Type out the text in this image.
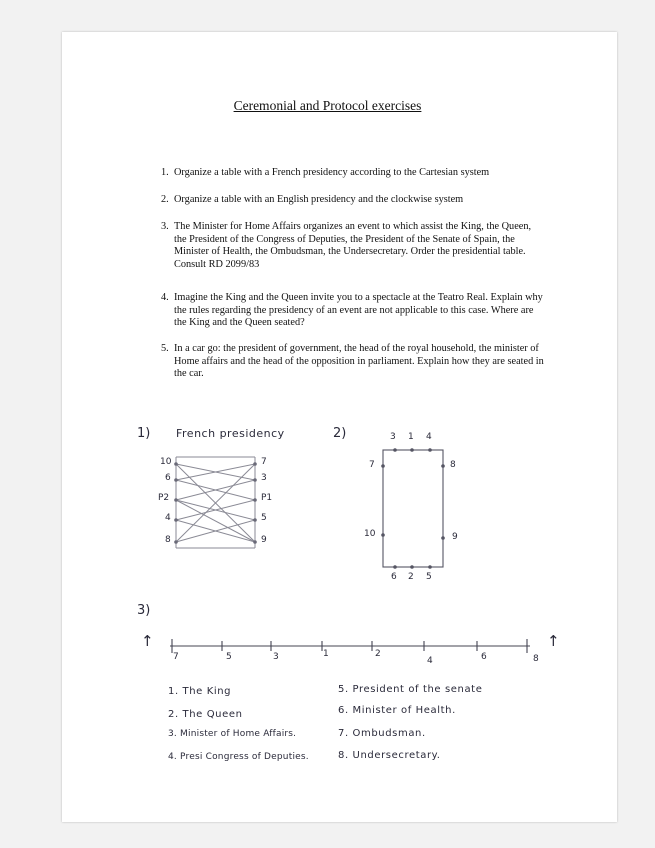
Ceremonial and Protocol exercises
1. Organize a table with a French presidency according to the Cartesian system
2. Organize a table with an English presidency and the clockwise system
3. The Minister for Home Affairs organizes an event to which assist the King, the Queen, the President of the Congress of Deputies, the President of the Senate of Spain, the Minister of Health, the Ombudsman, the Undersecretary. Order the presidential table. Consult RD 2099/83
4. Imagine the King and the Queen invite you to a spectacle at the Teatro Real. Explain why the rules regarding the presidency of an event are not applicable to this case. Where are the King and the Queen seated?
5. In a car go: the president of government, the head of the royal household, the minister of Home affairs and the head of the opposition in parliament. Explain how they are seated in the car.
1) French presidency
10
6
P2
4
8
7
3
P1
5
9
2)	3 1 4
7
10
8
9
6 2 5
3)
↑	↑
7	5	3	1	2
4	6	8
1. The King
2. The Queen
3. Minister of Home Affairs.
4. Presi Congress of Deputies.
5. President of the senate
6. Minister of Health.
7. Ombudsman.
8. Undersecretary.
